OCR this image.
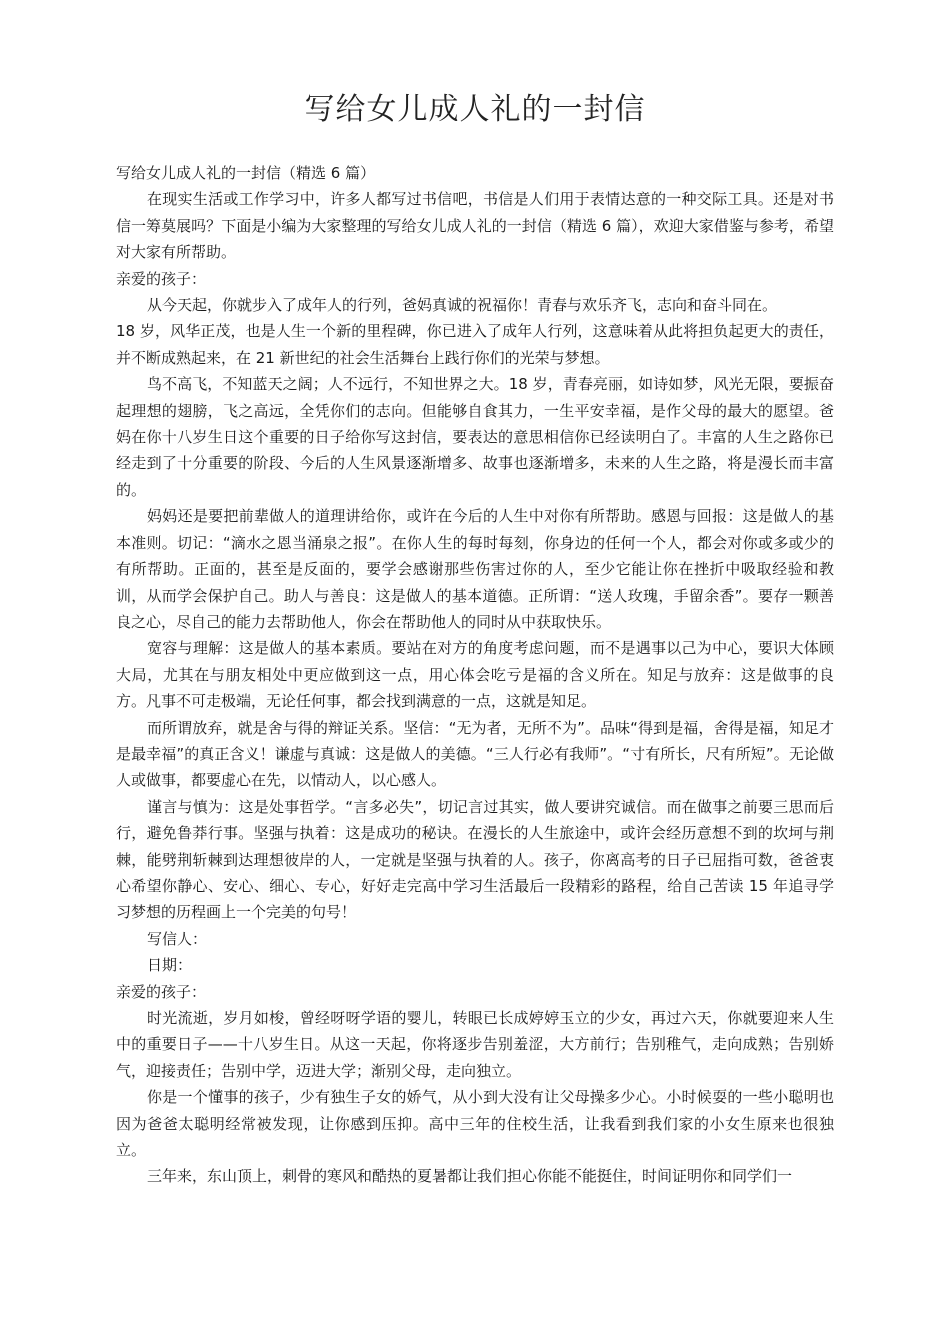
写给女儿成人礼的一封信

写给女儿成人礼的一封信（精选 6 篇）

在现实生活或工作学习中，许多人都写过书信吧，书信是人们用于表情达意的一种交际工具。还是对书信一筹莫展吗？下面是小编为大家整理的写给女儿成人礼的一封信（精选 6 篇），欢迎大家借鉴与参考，希望对大家有所帮助。

亲爱的孩子：

从今天起，你就步入了成年人的行列，爸妈真诚的祝福你！青春与欢乐齐飞，志向和奋斗同在。

18 岁，风华正茂，也是人生一个新的里程碑，你已进入了成年人行列，这意味着从此将担负起更大的责任，并不断成熟起来，在 21 新世纪的社会生活舞台上践行你们的光荣与梦想。

鸟不高飞，不知蓝天之阔；人不远行，不知世界之大。18 岁，青春亮丽，如诗如梦，风光无限，要振奋起理想的翅膀，飞之高远，全凭你们的志向。但能够自食其力，一生平安幸福，是作父母的最大的愿望。爸妈在你十八岁生日这个重要的日子给你写这封信，要表达的意思相信你已经读明白了。丰富的人生之路你已经走到了十分重要的阶段、今后的人生风景逐渐增多、故事也逐渐增多，未来的人生之路，将是漫长而丰富的。

妈妈还是要把前辈做人的道理讲给你，或许在今后的人生中对你有所帮助。感恩与回报：这是做人的基本准则。切记：“滴水之恩当涌泉之报”。在你人生的每时每刻，你身边的任何一个人，都会对你或多或少的有所帮助。正面的，甚至是反面的，要学会感谢那些伤害过你的人，至少它能让你在挫折中吸取经验和教训，从而学会保护自己。助人与善良：这是做人的基本道德。正所谓：“送人玫瑰，手留余香”。要存一颗善良之心，尽自己的能力去帮助他人，你会在帮助他人的同时从中获取快乐。

宽容与理解：这是做人的基本素质。要站在对方的角度考虑问题，而不是遇事以己为中心，要识大体顾大局，尤其在与朋友相处中更应做到这一点，用心体会吃亏是福的含义所在。知足与放弃：这是做事的良方。凡事不可走极端，无论任何事，都会找到满意的一点，这就是知足。

而所谓放弃，就是舍与得的辩证关系。坚信：“无为者，无所不为”。品味“得到是福，舍得是福，知足才是最幸福”的真正含义！谦虚与真诚：这是做人的美德。“三人行必有我师”。“寸有所长，尺有所短”。无论做人或做事，都要虚心在先，以情动人，以心感人。

谨言与慎为：这是处事哲学。“言多必失”，切记言过其实，做人要讲究诚信。而在做事之前要三思而后行，避免鲁莽行事。坚强与执着：这是成功的秘诀。在漫长的人生旅途中，或许会经历意想不到的坎坷与荆棘，能劈荆斩棘到达理想彼岸的人，一定就是坚强与执着的人。孩子，你离高考的日子已屈指可数，爸爸衷心希望你静心、安心、细心、专心，好好走完高中学习生活最后一段精彩的路程，给自己苦读 15 年追寻学习梦想的历程画上一个完美的句号！

写信人：

日期：

亲爱的孩子：

时光流逝，岁月如梭，曾经呀呀学语的婴儿，转眼已长成婷婷玉立的少女，再过六天，你就要迎来人生中的重要日子——十八岁生日。从这一天起，你将逐步告别羞涩，大方前行；告别稚气，走向成熟；告别娇气，迎接责任；告别中学，迈进大学；渐别父母，走向独立。

你是一个懂事的孩子，少有独生子女的娇气，从小到大没有让父母操多少心。小时候耍的一些小聪明也因为爸爸太聪明经常被发现，让你感到压抑。高中三年的住校生活，让我看到我们家的小女生原来也很独立。

三年来，东山顶上，刺骨的寒风和酷热的夏暑都让我们担心你能不能挺住，时间证明你和同学们一
